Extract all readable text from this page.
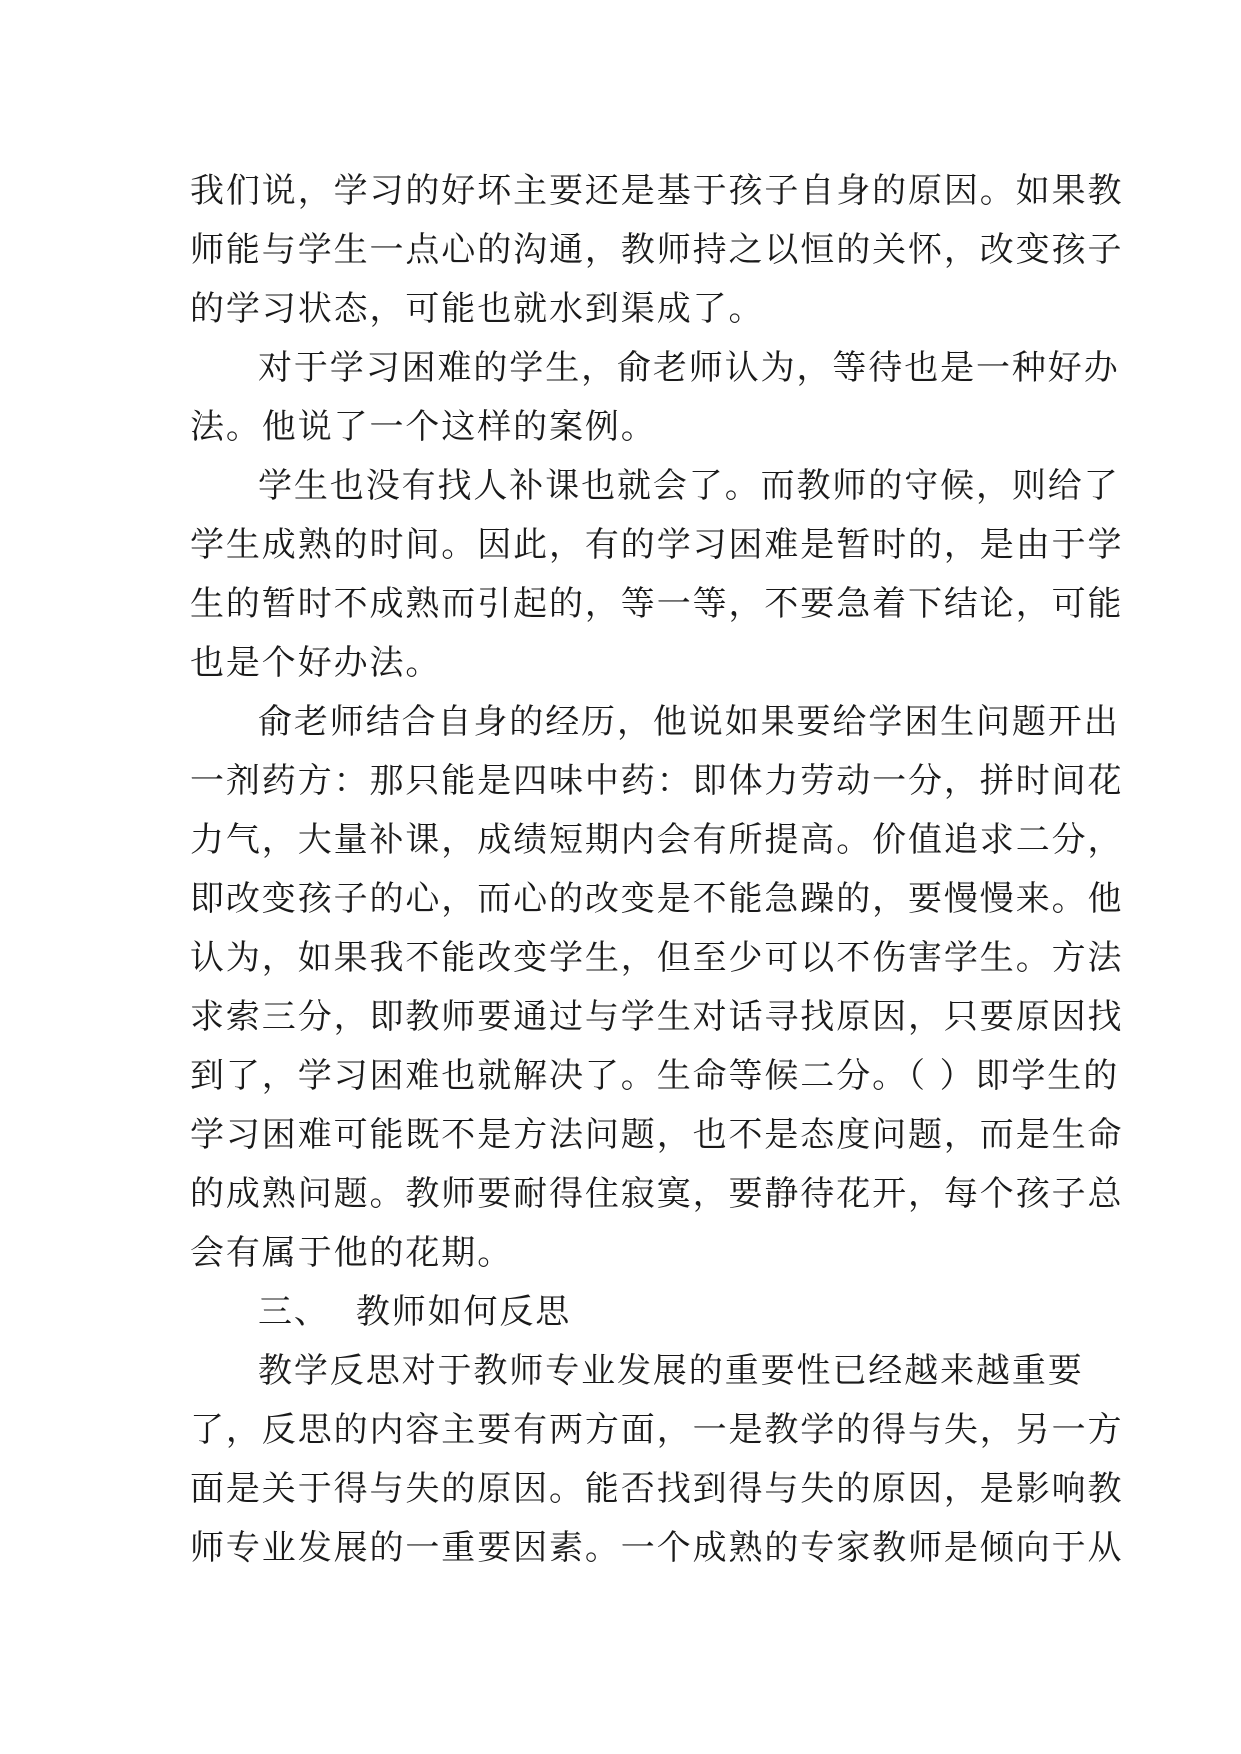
我们说，学习的好坏主要还是基于孩子自身的原因。如果教
师能与学生一点心的沟通，教师持之以恒的关怀，改变孩子
的学习状态，可能也就水到渠成了。

对于学习困难的学生，俞老师认为，等待也是一种好办
法。他说了一个这样的案例。

学生也没有找人补课也就会了。而教师的守候，则给了
学生成熟的时间。因此，有的学习困难是暂时的，是由于学
生的暂时不成熟而引起的，等一等，不要急着下结论，可能
也是个好办法。

俞老师结合自身的经历，他说如果要给学困生问题开出
一剂药方：那只能是四味中药：即体力劳动一分，拼时间花
力气，大量补课，成绩短期内会有所提高。价值追求二分，
即改变孩子的心，而心的改变是不能急躁的，要慢慢来。他
认为，如果我不能改变学生，但至少可以不伤害学生。方法
求索三分，即教师要通过与学生对话寻找原因，只要原因找
到了，学习困难也就解决了。生命等候二分。（ ）即学生的
学习困难可能既不是方法问题，也不是态度问题，而是生命
的成熟问题。教师要耐得住寂寞，要静待花开，每个孩子总
会有属于他的花期。

三、 教师如何反思

教学反思对于教师专业发展的重要性已经越来越重要
了，反思的内容主要有两方面，一是教学的得与失，另一方
面是关于得与失的原因。能否找到得与失的原因，是影响教
师专业发展的一重要因素。一个成熟的专家教师是倾向于从
